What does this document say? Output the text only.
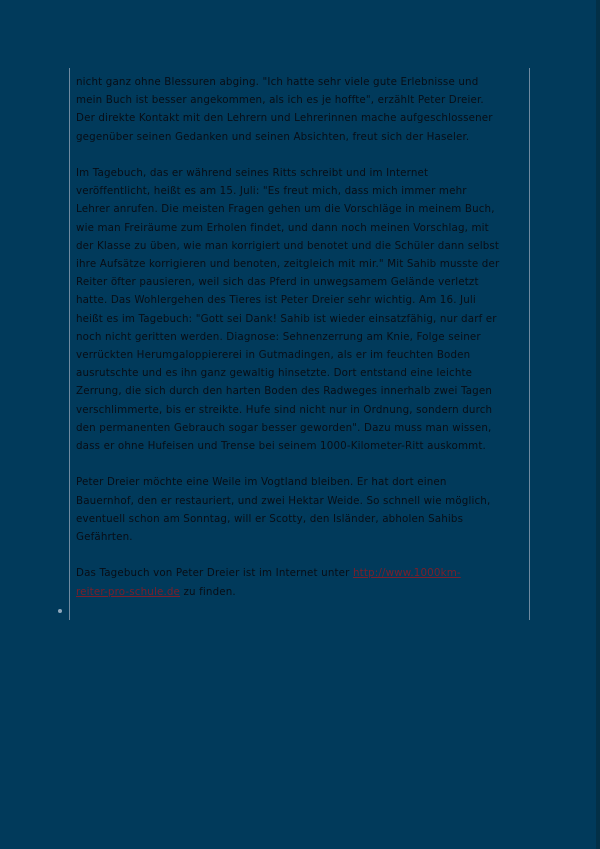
nicht ganz ohne Blessuren abging. "Ich hatte sehr viele gute Erlebnisse und
mein Buch ist besser angekommen, als ich es je hoffte", erzählt Peter Dreier.
Der direkte Kontakt mit den Lehrern und Lehrerinnen mache aufgeschlossener
gegenüber seinen Gedanken und seinen Absichten, freut sich der Haseler.

Im Tagebuch, das er während seines Ritts schreibt und im Internet
veröffentlicht, heißt es am 15. Juli: "Es freut mich, dass mich immer mehr
Lehrer anrufen. Die meisten Fragen gehen um die Vorschläge in meinem Buch,
wie man Freiräume zum Erholen findet, und dann noch meinen Vorschlag, mit
der Klasse zu üben, wie man korrigiert und benotet und die Schüler dann selbst
ihre Aufsätze korrigieren und benoten, zeitgleich mit mir." Mit Sahib musste der
Reiter öfter pausieren, weil sich das Pferd in unwegsamem Gelände verletzt
hatte. Das Wohlergehen des Tieres ist Peter Dreier sehr wichtig. Am 16. Juli
heißt es im Tagebuch: "Gott sei Dank! Sahib ist wieder einsatzfähig, nur darf er
noch nicht geritten werden. Diagnose: Sehnenzerrung am Knie, Folge seiner
verrückten Herumgaloppiererei in Gutmadingen, als er im feuchten Boden
ausrutschte und es ihn ganz gewaltig hinsetzte. Dort entstand eine leichte
Zerrung, die sich durch den harten Boden des Radweges innerhalb zwei Tagen
verschlimmerte, bis er streikte. Hufe sind nicht nur in Ordnung, sondern durch
den permanenten Gebrauch sogar besser geworden". Dazu muss man wissen,
dass er ohne Hufeisen und Trense bei seinem 1000-Kilometer-Ritt auskommt.

Peter Dreier möchte eine Weile im Vogtland bleiben. Er hat dort einen
Bauernhof, den er restauriert, und zwei Hektar Weide. So schnell wie möglich,
eventuell schon am Sonntag, will er Scotty, den Isländer, abholen Sahibs
Gefährten.

Das Tagebuch von Peter Dreier ist im Internet unter http://www.1000km-
reiter-pro-schule.de zu finden.
